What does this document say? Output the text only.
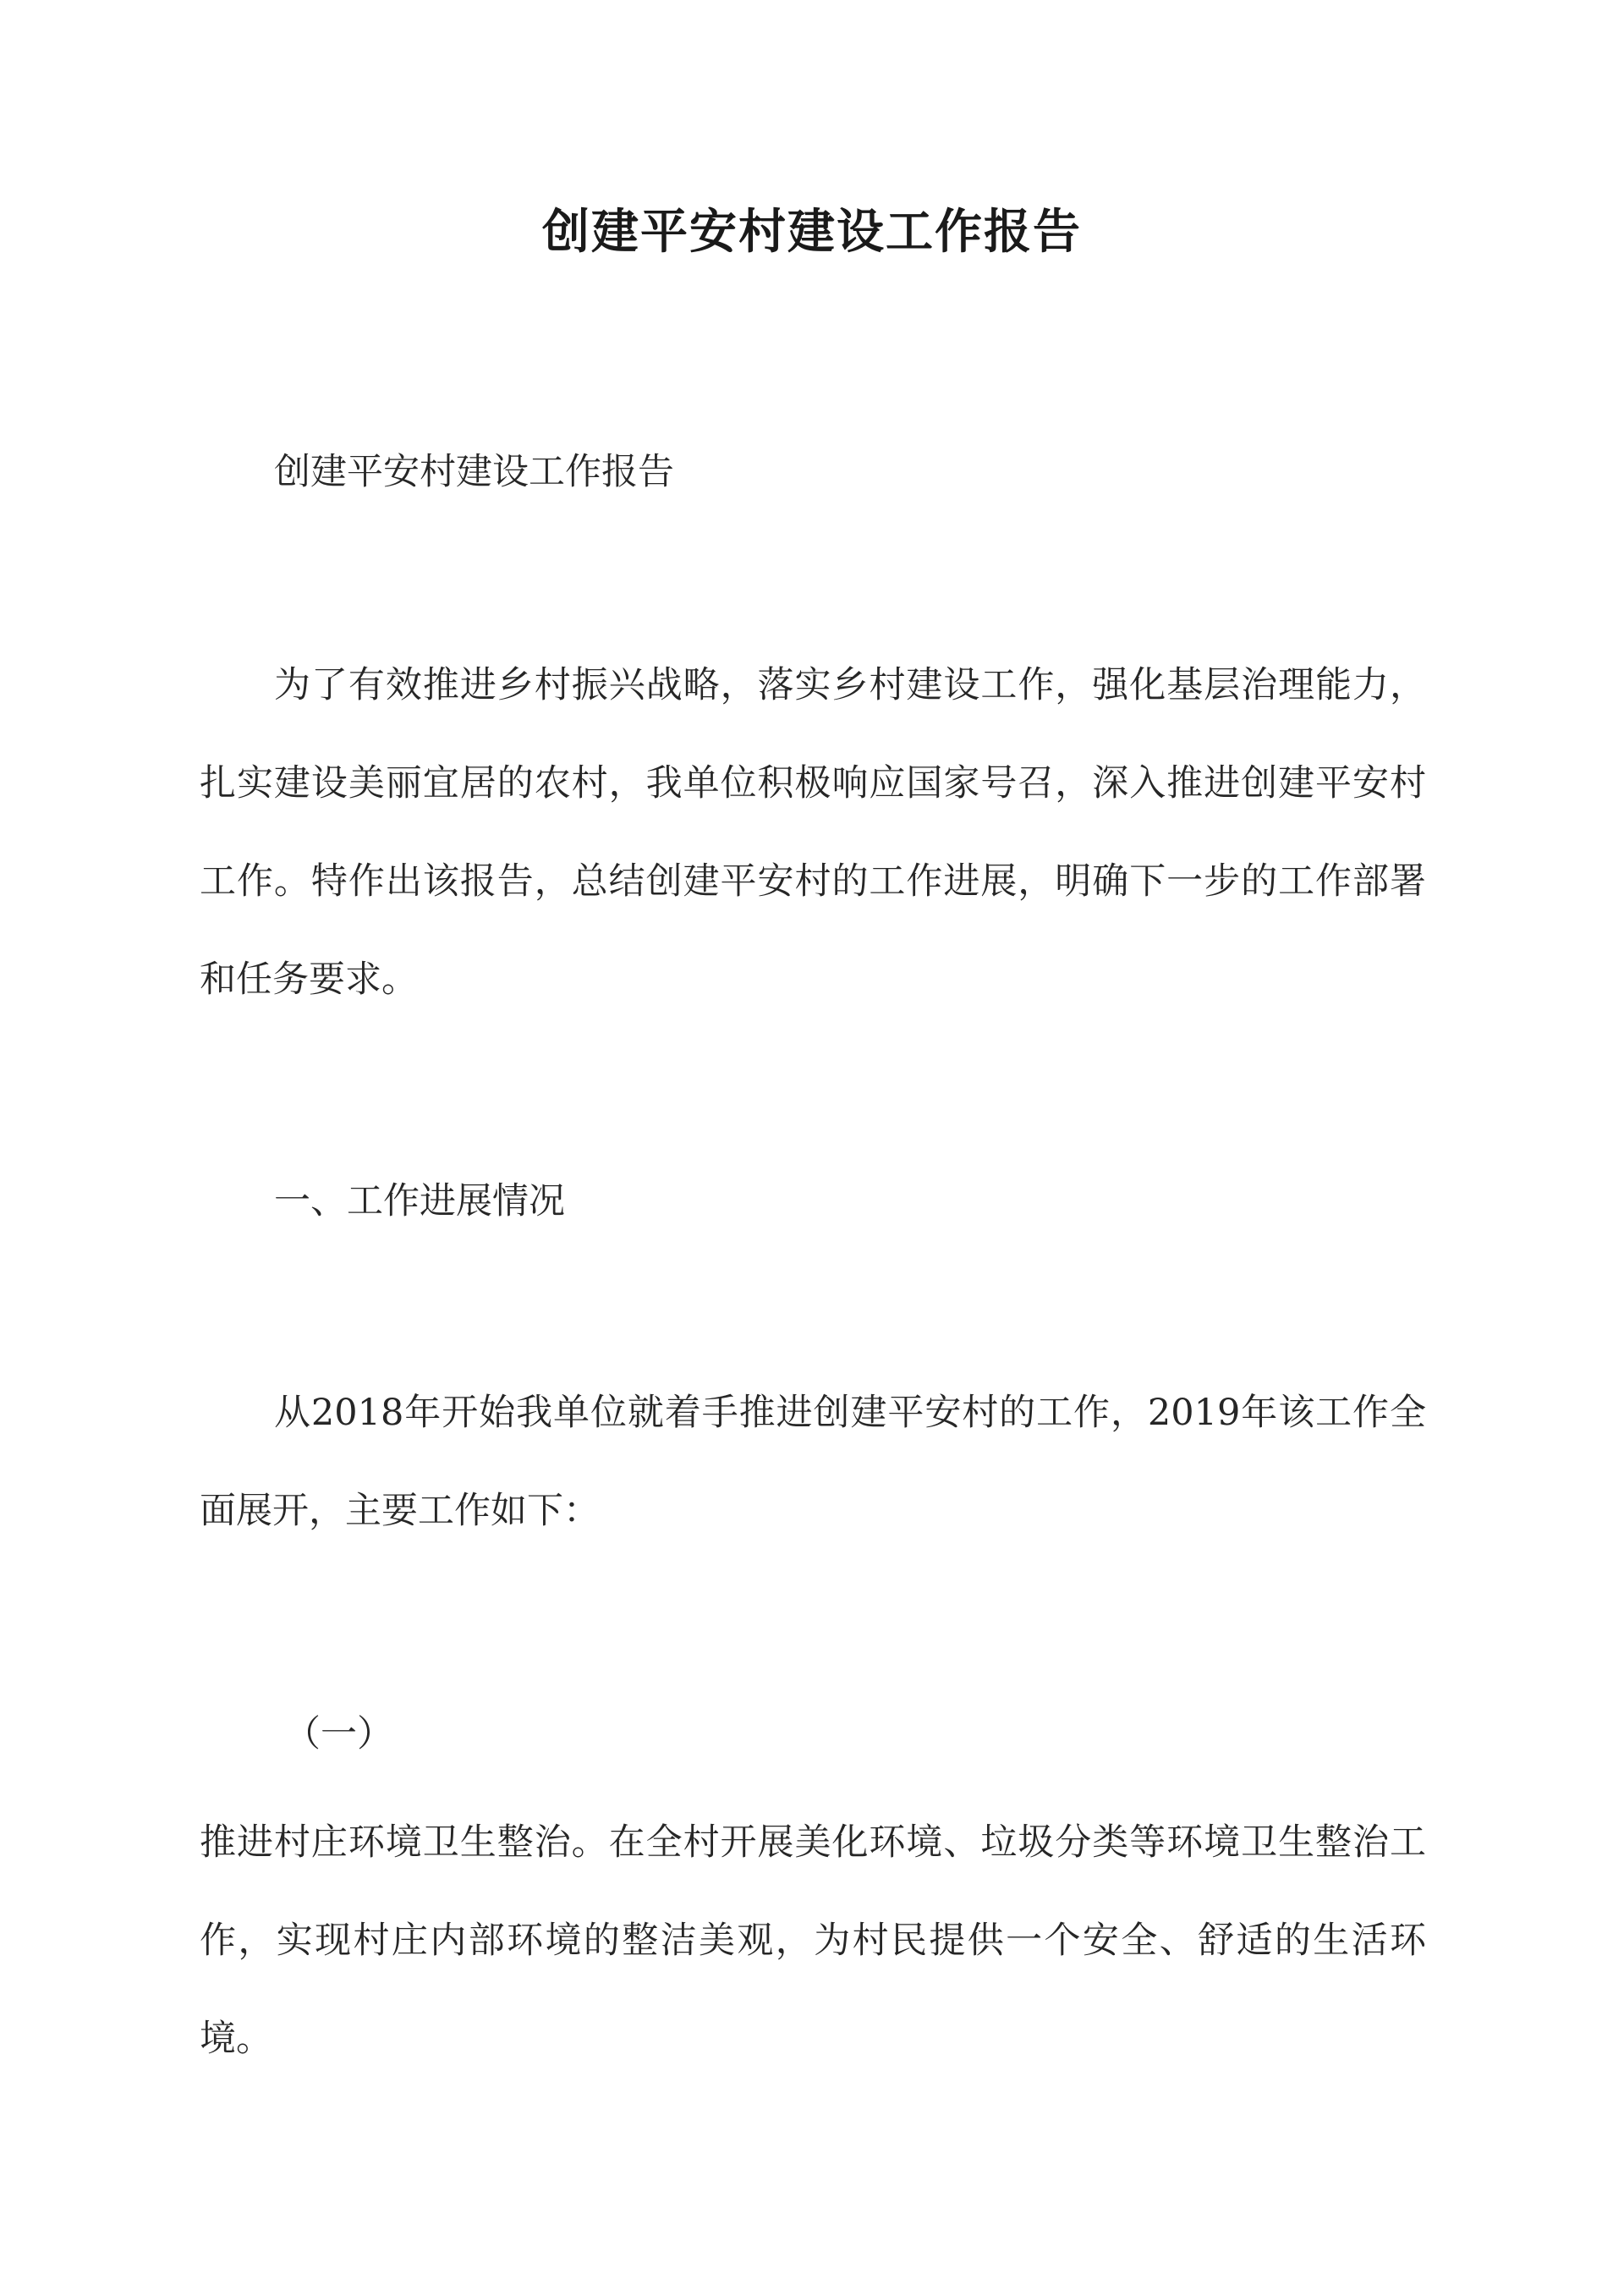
创建平安村建设工作报告
创建平安村建设工作报告
为了有效推进乡村振兴战略，落实乡村建设工作，强化基层治理能力，扎实建设美丽宜居的农村，我单位积极响应国家号召，深入推进创建平安村工作。特作出该报告，总结创建平安村的工作进展，明确下一步的工作部署和任务要求。
一、工作进展情况
从2018年开始我单位就着手推进创建平安村的工作，2019年该工作全面展开，主要工作如下：
（一）
推进村庄环境卫生整治。在全村开展美化环境、垃圾分类等环境卫生整治工作，实现村庄内部环境的整洁美观，为村民提供一个安全、舒适的生活环境。
